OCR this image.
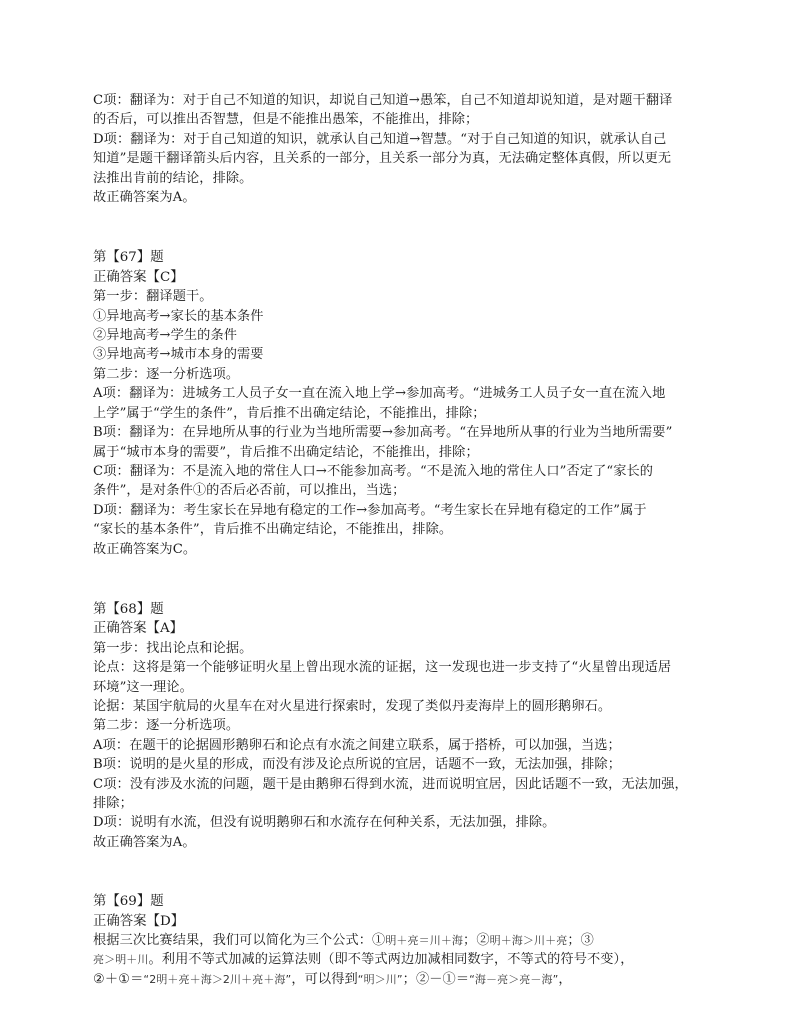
C项：翻译为：对于自己不知道的知识，却说自己知道→愚笨，自己不知道却说知道，是对题干翻译
的否后，可以推出否智慧，但是不能推出愚笨，不能推出，排除；
D项：翻译为：对于自己知道的知识，就承认自己知道→智慧。“对于自己知道的知识，就承认自己
知道”是题干翻译箭头后内容，且关系的一部分，且关系一部分为真，无法确定整体真假，所以更无
法推出肯前的结论，排除。
故正确答案为A。
第【67】题
正确答案【C】
第一步：翻译题干。
①异地高考→家长的基本条件
②异地高考→学生的条件
③异地高考→城市本身的需要
第二步：逐一分析选项。
A项：翻译为：进城务工人员子女一直在流入地上学→参加高考。“进城务工人员子女一直在流入地
上学”属于“学生的条件”，肯后推不出确定结论，不能推出，排除；
B项：翻译为：在异地所从事的行业为当地所需要→参加高考。“在异地所从事的行业为当地所需要”
属于“城市本身的需要”，肯后推不出确定结论，不能推出，排除；
C项：翻译为：不是流入地的常住人口→不能参加高考。“不是流入地的常住人口”否定了“家长的
条件”，是对条件①的否后必否前，可以推出，当选；
D项：翻译为：考生家长在异地有稳定的工作→参加高考。“考生家长在异地有稳定的工作”属于
“家长的基本条件”，肯后推不出确定结论，不能推出，排除。
故正确答案为C。
第【68】题
正确答案【A】
第一步：找出论点和论据。
论点：这将是第一个能够证明火星上曾出现水流的证据，这一发现也进一步支持了“火星曾出现适居
环境”这一理论。
论据：某国宇航局的火星车在对火星进行探索时，发现了类似丹麦海岸上的圆形鹅卵石。
第二步：逐一分析选项。
A项：在题干的论据圆形鹅卵石和论点有水流之间建立联系，属于搭桥，可以加强，当选；
B项：说明的是火星的形成，而没有涉及论点所说的宜居，话题不一致，无法加强，排除；
C项：没有涉及水流的问题，题干是由鹅卵石得到水流，进而说明宜居，因此话题不一致，无法加强，
排除；
D项：说明有水流，但没有说明鹅卵石和水流存在何种关系，无法加强，排除。
故正确答案为A。
第【69】题
正确答案【D】
根据三次比赛结果，我们可以简化为三个公式：①明＋亮＝川＋海；②明＋海＞川＋亮；③
亮＞明＋川。利用不等式加减的运算法则（即不等式两边加减相同数字，不等式的符号不变），
②＋①＝“2明＋亮＋海＞2川＋亮＋海”，可以得到“明＞川”；②－①＝“海－亮＞亮－海”，
